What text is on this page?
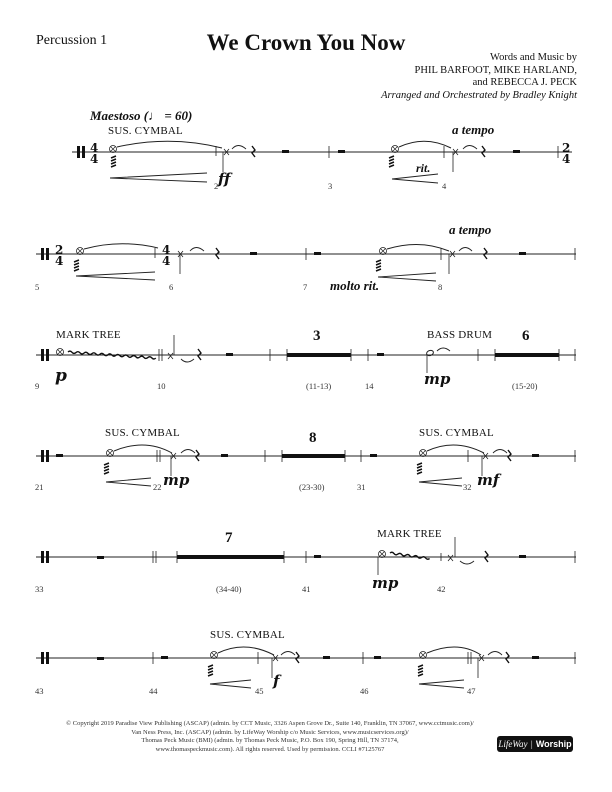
Percussion 1	We Crown You Now
Words and Music by
PHIL BARFOOT, MIKE HARLAND,
and REBECCA J. PECK
Arranged and Orchestrated by Bradley Knight
Maestoso (♩ = 60)
SUS. CYMBAL	a tempo
rit.
ff
2	3	4
4
4
2
4
a tempo
molto rit.
5	6	7	8
2
4
4
4
MARK TREE	BASS DRUM
p	mp
3	6
(11-13)	(15-20)
9	10	14
SUS. CYMBAL	SUS. CYMBAL
mp	mf
8
(23-30)
21	22	31	32
MARK TREE
mp
7
(34-40)
33	41	42
SUS. CYMBAL
f
43	44	45	46	47
© Copyright 2019 Paradise View Publishing (ASCAP) (admin. by CCT Music, 3326 Aspen Grove Dr., Suite 140, Franklin, TN 37067, www.cctmusic.com)/
Van Ness Press, Inc. (ASCAP) (admin. by LifeWay Worship c/o Music Services, www.musicservices.org)/
Thomas Peck Music (BMI) (admin. by Thomas Peck Music, P.O. Box 190, Spring Hill, TN 37174,
www.thomaspeckmusic.com). All rights reserved. Used by permission. CCLI #7125767	LifeWay | Worship
